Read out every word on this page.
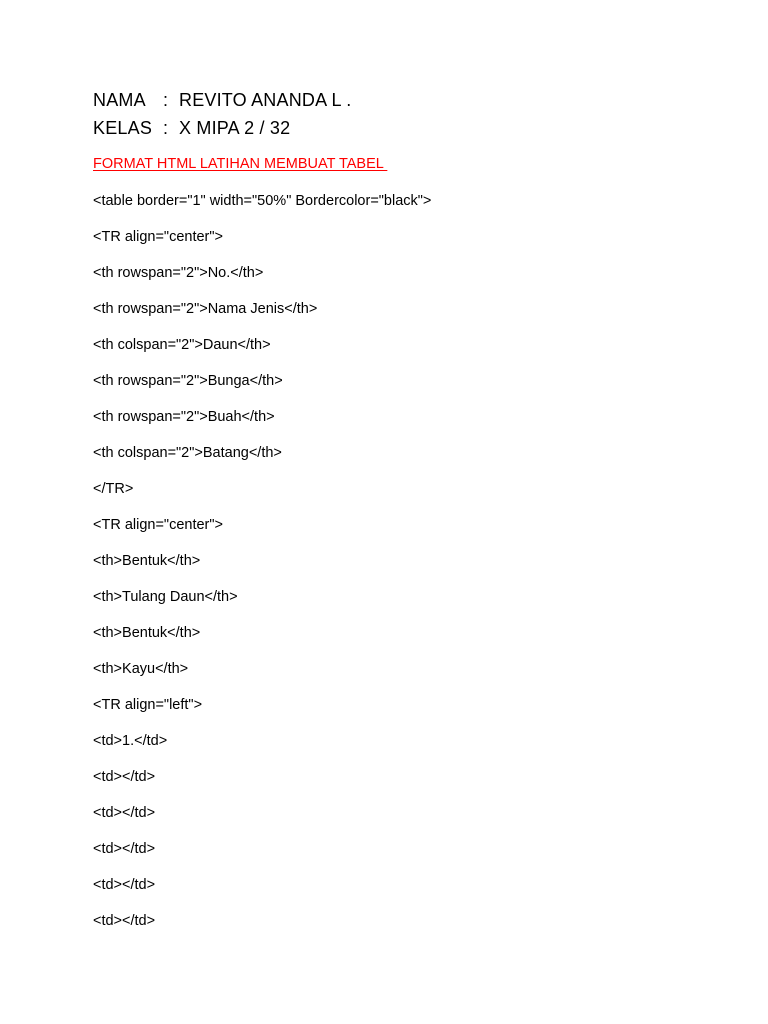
NAMA : REVITO ANANDA L .
KELAS : X MIPA 2 / 32
FORMAT HTML LATIHAN MEMBUAT TABEL
<table border="1" width="50%" Bordercolor="black">
<TR align="center">
<th rowspan="2">No.</th>
<th rowspan="2">Nama Jenis</th>
<th colspan="2">Daun</th>
<th rowspan="2">Bunga</th>
<th rowspan="2">Buah</th>
<th colspan="2">Batang</th>
</TR>
<TR align="center">
<th>Bentuk</th>
<th>Tulang Daun</th>
<th>Bentuk</th>
<th>Kayu</th>
<TR align="left">
<td>1.</td>
<td></td>
<td></td>
<td></td>
<td></td>
<td></td>
